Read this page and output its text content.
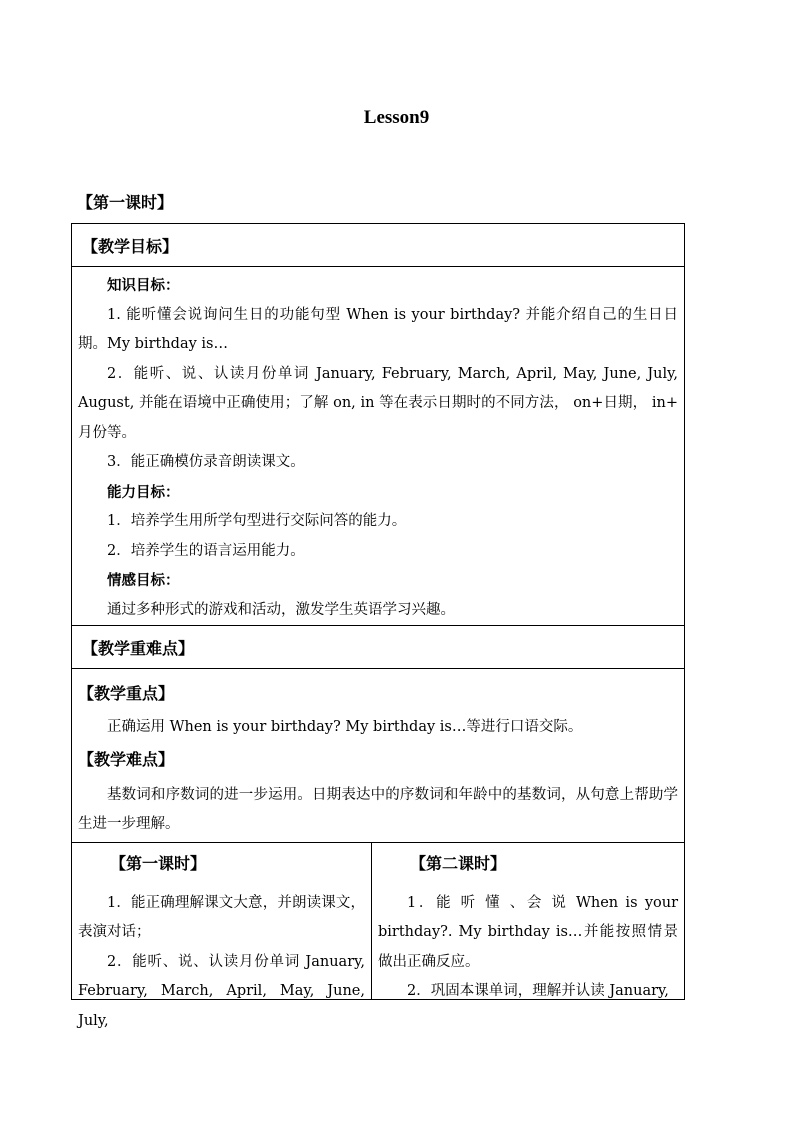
Lesson9
【第一课时】
【教学目标】

知识目标：

1. 能听懂会说询问生日的功能句型 When is your birthday? 并能介绍自己的生日日期。My birthday is…

2．能听、说、认读月份单词 January, February, March, April, May, June, July, August, 并能在语境中正确使用；了解 on, in 等在表示日期时的不同方法， on+日期， in+ 月份等。

3．能正确模仿录音朗读课文。

能力目标：

1．培养学生用所学句型进行交际问答的能力。

2．培养学生的语言运用能力。

情感目标：

通过多种形式的游戏和活动，激发学生英语学习兴趣。

【教学重难点】

【教学重点】

正确运用 When is your birthday? My birthday is…等进行口语交际。

【教学难点】

基数词和序数词的进一步运用。日期表达中的序数词和年龄中的基数词，从句意上帮助学生进一步理解。

【第一课时】

1．能正确理解课文大意，并朗读课文，表演对话；

2．能听、说、认读月份单词 January, February, March, April, May, June, July,

【第二课时】

1．能 听 懂 、会 说 When is your birthday?. My birthday is…并能按照情景做出正确反应。

2．巩固本课单词，理解并认读 January,
